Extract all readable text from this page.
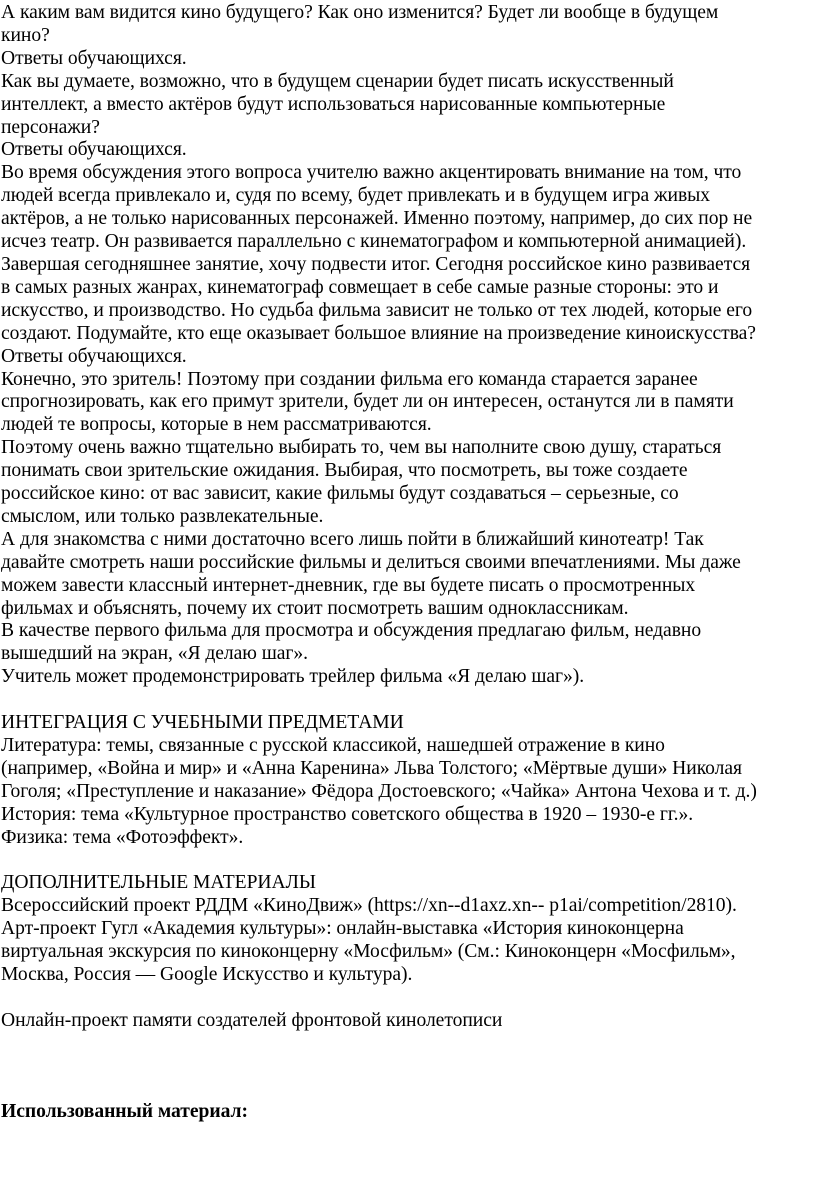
А каким вам видится кино будущего? Как оно изменится? Будет ли вообще в будущем
кино?

Ответы обучающихся.

Как вы думаете, возможно, что в будущем сценарии будет писать искусственный
интеллект, а вместо актёров будут использоваться нарисованные компьютерные
персонажи?

Ответы обучающихся.

Во время обсуждения этого вопроса учителю важно акцентировать внимание на том, что
людей всегда привлекало и, судя по всему, будет привлекать и в будущем игра живых
актёров, а не только нарисованных персонажей. Именно поэтому, например, до сих пор не
исчез театр. Он развивается параллельно с кинематографом и компьютерной анимацией).

Завершая сегодняшнее занятие, хочу подвести итог. Сегодня российское кино развивается
в самых разных жанрах, кинематограф совмещает в себе самые разные стороны: это и
искусство, и производство. Но судьба фильма зависит не только от тех людей, которые его
создают. Подумайте, кто еще оказывает большое влияние на произведение киноискусства?

Ответы обучающихся.

Конечно, это зритель! Поэтому при создании фильма его команда старается заранее
спрогнозировать, как его примут зрители, будет ли он интересен, останутся ли в памяти
людей те вопросы, которые в нем рассматриваются.

Поэтому очень важно тщательно выбирать то, чем вы наполните свою душу, стараться
понимать свои зрительские ожидания. Выбирая, что посмотреть, вы тоже создаете
российское кино: от вас зависит, какие фильмы будут создаваться – серьезные, со
смыслом, или только развлекательные.

А для знакомства с ними достаточно всего лишь пойти в ближайший кинотеатр! Так
давайте смотреть наши российские фильмы и делиться своими впечатлениями. Мы даже
можем завести классный интернет-дневник, где вы будете писать о просмотренных
фильмах и объяснять, почему их стоит посмотреть вашим одноклассникам.

В качестве первого фильма для просмотра и обсуждения предлагаю фильм, недавно
вышедший на экран, «Я делаю шаг».

Учитель может продемонстрировать трейлер фильма «Я делаю шаг»).

ИНТЕГРАЦИЯ С УЧЕБНЫМИ ПРЕДМЕТАМИ

Литература: темы, связанные с русской классикой, нашедшей отражение в кино
(например, «Война и мир» и «Анна Каренина» Льва Толстого; «Мёртвые души» Николая
Гоголя; «Преступление и наказание» Фёдора Достоевского; «Чайка» Антона Чехова и т. д.)

История: тема «Культурное пространство советского общества в 1920 – 1930-е гг.».

Физика: тема «Фотоэффект».

ДОПОЛНИТЕЛЬНЫЕ МАТЕРИАЛЫ

Всероссийский проект РДДМ «КиноДвиж» (https://xn--d1axz.xn-- p1ai/competition/2810).

Арт-проект Гугл «Академия культуры»: онлайн-выставка «История киноконцерна
виртуальная экскурсия по киноконцерну «Мосфильм» (См.: Киноконцерн «Мосфильм»,
Москва, Россия — Google Искусство и культура).

Онлайн-проект памяти создателей фронтовой кинолетописи

Использованный материал:
